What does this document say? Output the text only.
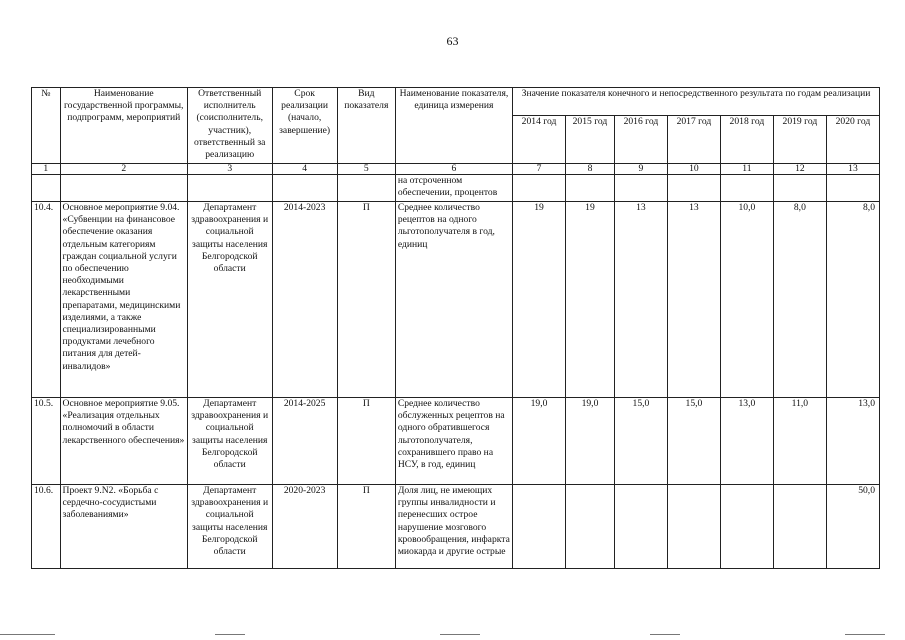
63
№	Наименование государственной программы, подпрограмм, мероприятий	Ответственный исполнитель (соисполнитель, участник), ответственный за реализацию	Срок реализации (начало, завершение)	Вид показателя	Наименование показателя, единица измерения	Значение показателя конечного и непосредственного результата по годам реализации						
						2014 год	2015 год	2016 год	2017 год	2018 год	2019 год	2020 год
1	2	3	4	5	6	7	8	9	10	11	12	13
					на отсроченном обеспечении, процентов							
10.4.	Основное мероприятие 9.04. «Субвенции на финансовое обеспечение оказания отдельным категориям граждан социальной услуги по обеспечению необходимыми лекарственными препаратами, медицинскими изделиями, а также специализированными продуктами лечебного питания для детей-инвалидов»	Департамент здравоохранения и социальной защиты населения Белгородской области	2014-2023	П	Среднее количество рецептов на одного льготополучателя в год, единиц	19	19	13	13	10,0	8,0	8,0
10.5.	Основное мероприятие 9.05. «Реализация отдельных полномочий в области лекарственного обеспечения»	Департамент здравоохранения и социальной защиты населения Белгородской области	2014-2025	П	Среднее количество обслуженных рецептов на одного обратившегося льготополучателя, сохранившего право на НСУ, в год, единиц	19,0	19,0	15,0	15,0	13,0	11,0	13,0
10.6.	Проект 9.N2. «Борьба с сердечно-сосудистыми заболеваниями»	Департамент здравоохранения и социальной защиты населения Белгородской области	2020-2023	П	Доля лиц, не имеющих группы инвалидности и перенесших острое нарушение мозгового кровообращения, инфаркта миокарда и другие острые							50,0
